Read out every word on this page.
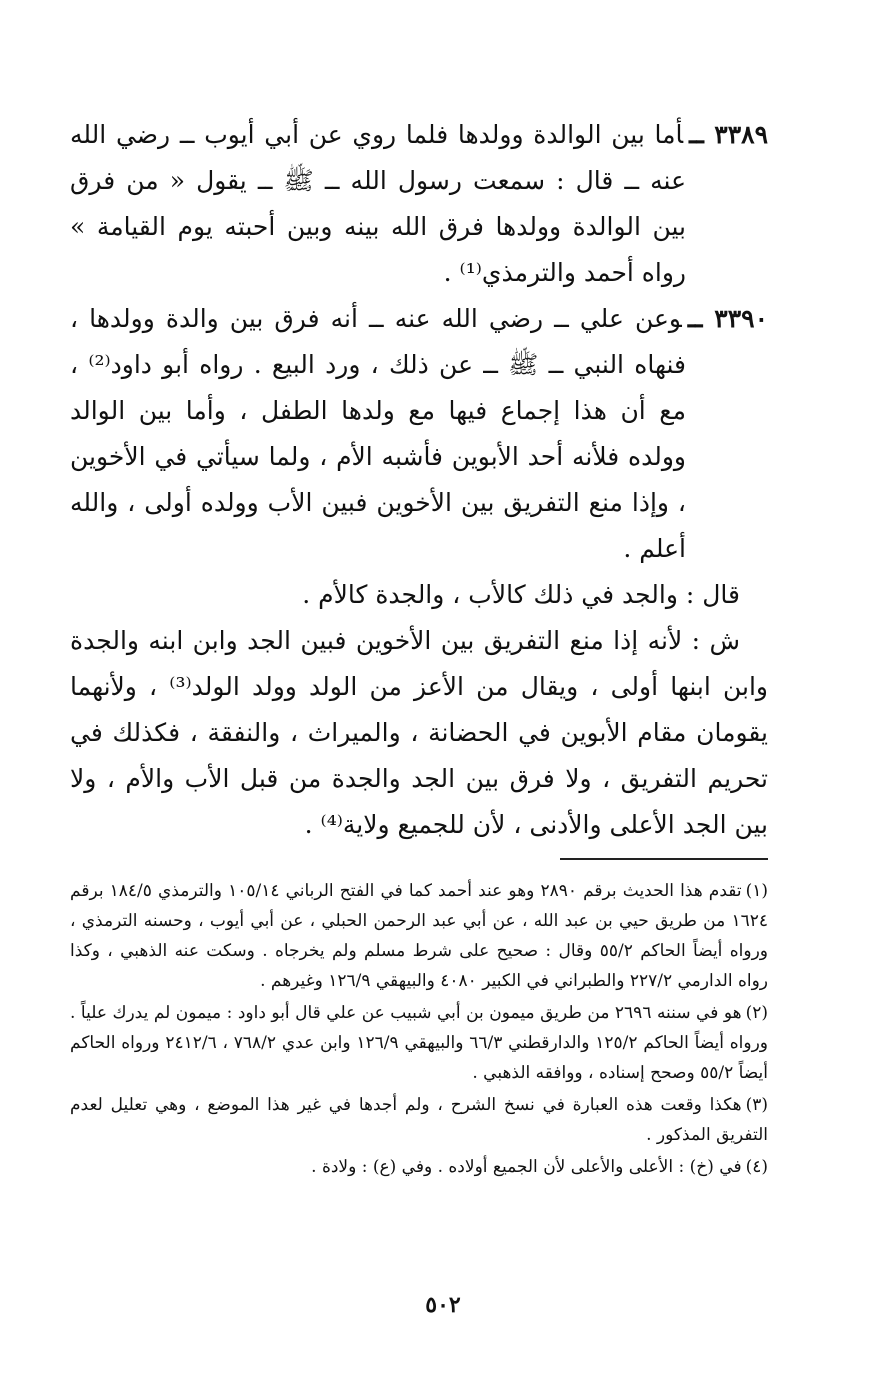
٣٣٨٩ ــأما بين الوالدة وولدها فلما روي عن أبي أيوب ــ رضي الله عنه ــ قال : سمعت رسول الله ــ ﷺ ــ يقول « من فرق بين الوالدة وولدها فرق الله بينه وبين أحبته يوم القيامة » رواه أحمد والترمذي⁽¹⁾ .

٣٣٩٠ ــوعن علي ــ رضي الله عنه ــ أنه فرق بين والدة وولدها ، فنهاه النبي ــ ﷺ ــ عن ذلك ، ورد البيع . رواه أبو داود⁽²⁾ ، مع أن هذا إجماع فيها مع ولدها الطفل ، وأما بين الوالد وولده فلأنه أحد الأبوين فأشبه الأم ، ولما سيأتي في الأخوين ، وإذا منع التفريق بين الأخوين فبين الأب وولده أولى ، والله أعلم .

قال : والجد في ذلك كالأب ، والجدة كالأم .

ش : لأنه إذا منع التفريق بين الأخوين فبين الجد وابن ابنه والجدة وابن ابنها أولى ، ويقال من الأعز من الولد وولد الولد⁽³⁾ ، ولأنهما يقومان مقام الأبوين في الحضانة ، والميراث ، والنفقة ، فكذلك في تحريم التفريق ، ولا فرق بين الجد والجدة من قبل الأب والأم ، ولا بين الجد الأعلى والأدنى ، لأن للجميع ولاية⁽⁴⁾ .

(١)تقدم هذا الحديث برقم ٢٨٩٠ وهو عند أحمد كما في الفتح الرباني ١٠٥/١٤ والترمذي ١٨٤/٥ برقم ١٦٢٤ من طريق حيي بن عبد الله ، عن أبي عبد الرحمن الحبلي ، عن أبي أيوب ، وحسنه الترمذي ، ورواه أيضاً الحاكم ٥٥/٢ وقال : صحيح على شرط مسلم ولم يخرجاه . وسكت عنه الذهبي ، وكذا رواه الدارمي ٢٢٧/٢ والطبراني في الكبير ٤٠٨٠ والبيهقي ١٢٦/٩ وغيرهم .

(٢)هو في سننه ٢٦٩٦ من طريق ميمون بن أبي شبيب عن علي قال أبو داود : ميمون لم يدرك علياً . ورواه أيضاً الحاكم ١٢٥/٢ والدارقطني ٦٦/٣ والبيهقي ١٢٦/٩ وابن عدي ٧٦٨/٢ ، ٢٤١٢/٦ ورواه الحاكم أيضاً ٥٥/٢ وصحح إسناده ، ووافقه الذهبي .

(٣)هكذا وقعت هذه العبارة في نسخ الشرح ، ولم أجدها في غير هذا الموضع ، وهي تعليل لعدم التفريق المذكور .

(٤)في (خ) : الأعلى والأعلى لأن الجميع أولاده . وفي (ع) : ولادة .

٥٠٢
